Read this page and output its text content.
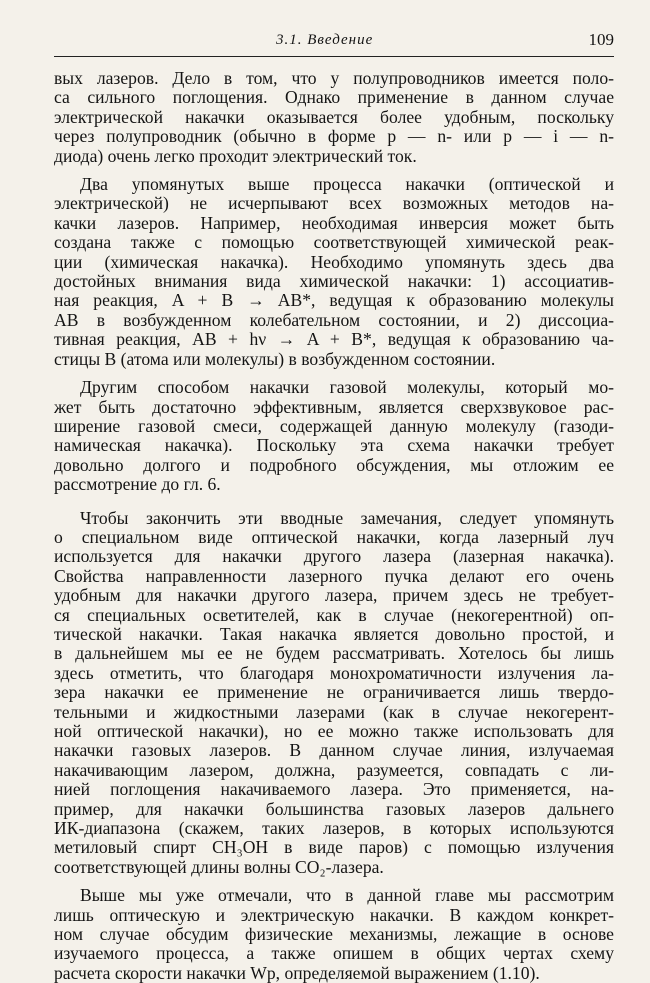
3.1. Введение	109

вых лазеров. Дело в том, что у полупроводников имеется поло-
са сильного поглощения. Однако применение в данном случае
электрической накачки оказывается более удобным, поскольку
через полупроводник (обычно в форме p — n- или p — i — n-
диода) очень легко проходит электрический ток.

Два упомянутых выше процесса накачки (оптической и
электрической) не исчерпывают всех возможных методов на-
качки лазеров. Например, необходимая инверсия может быть
создана также с помощью соответствующей химической реак-
ции (химическая накачка). Необходимо упомянуть здесь два
достойных внимания вида химической накачки: 1) ассоциатив-
ная реакция, A + B → AB*, ведущая к образованию молекулы
AB в возбужденном колебательном состоянии, и 2) диссоциа-
тивная реакция, AB + hν → A + B*, ведущая к образованию ча-
стицы B (атома или молекулы) в возбужденном состоянии.

Другим способом накачки газовой молекулы, который мо-
жет быть достаточно эффективным, является сверхзвуковое рас-
ширение газовой смеси, содержащей данную молекулу (газоди-
намическая накачка). Поскольку эта схема накачки требует
довольно долгого и подробного обсуждения, мы отложим ее
рассмотрение до гл. 6.

Чтобы закончить эти вводные замечания, следует упомянуть
о специальном виде оптической накачки, когда лазерный луч
используется для накачки другого лазера (лазерная накачка).
Свойства направленности лазерного пучка делают его очень
удобным для накачки другого лазера, причем здесь не требует-
ся специальных осветителей, как в случае (некогерентной) оп-
тической накачки. Такая накачка является довольно простой, и
в дальнейшем мы ее не будем рассматривать. Хотелось бы лишь
здесь отметить, что благодаря монохроматичности излучения ла-
зера накачки ее применение не ограничивается лишь твердо-
тельными и жидкостными лазерами (как в случае некогерент-
ной оптической накачки), но ее можно также использовать для
накачки газовых лазеров. В данном случае линия, излучаемая
накачивающим лазером, должна, разумеется, совпадать с ли-
нией поглощения накачиваемого лазера. Это применяется, на-
пример, для накачки большинства газовых лазеров дальнего
ИК-диапазона (скажем, таких лазеров, в которых используются
метиловый спирт CH₃OH в виде паров) с помощью излучения
соответствующей длины волны CO₂-лазера.

Выше мы уже отмечали, что в данной главе мы рассмотрим
лишь оптическую и электрическую накачки. В каждом конкрет-
ном случае обсудим физические механизмы, лежащие в основе
изучаемого процесса, а также опишем в общих чертах схему
расчета скорости накачки Wp, определяемой выражением (1.10).
